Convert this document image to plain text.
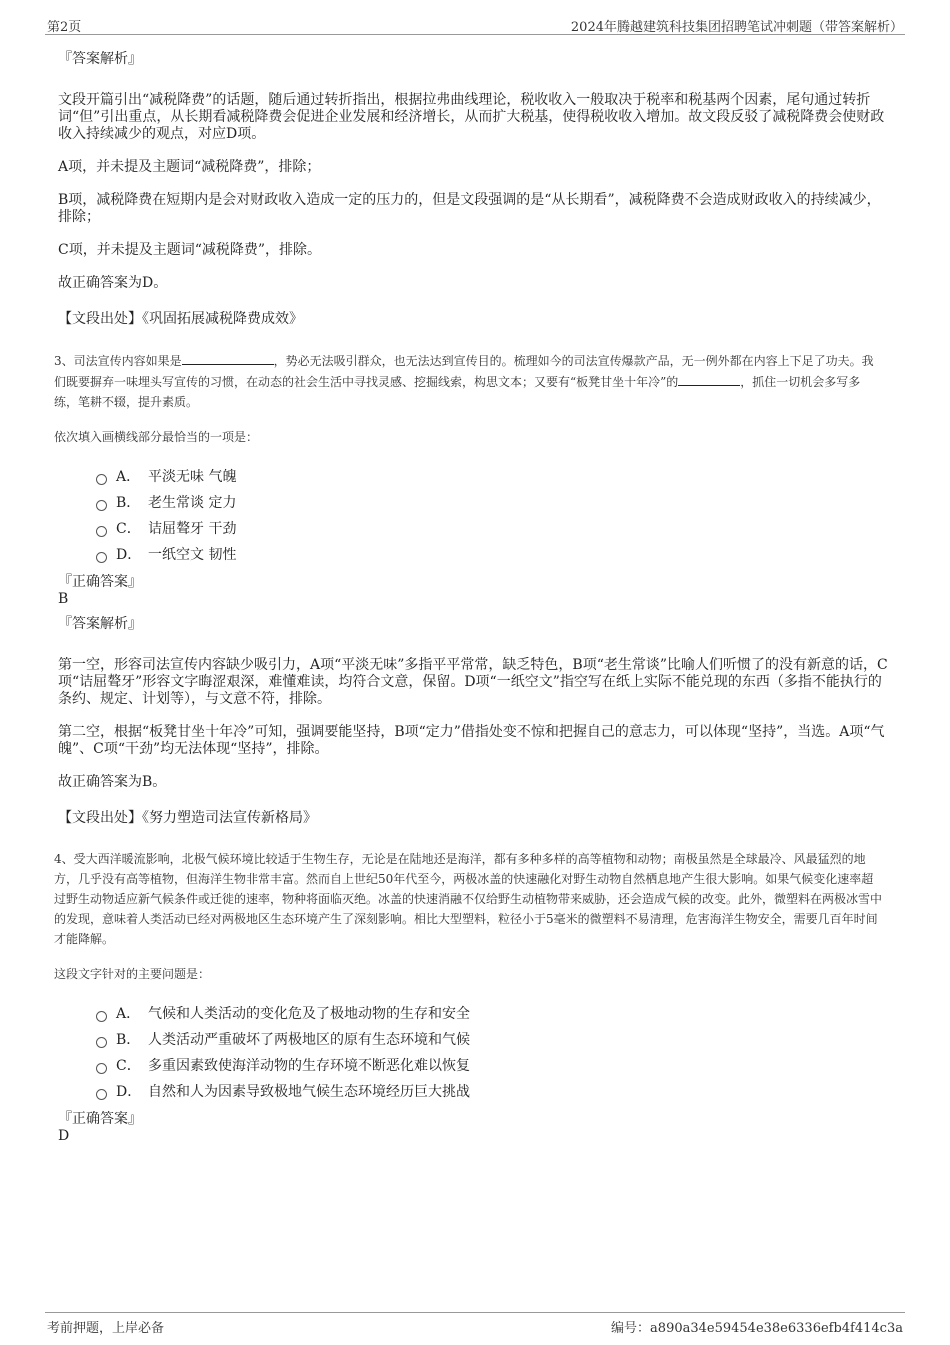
第2页	2024年腾越建筑科技集团招聘笔试冲刺题（带答案解析）

『答案解析』

文段开篇引出“减税降费”的话题，随后通过转折指出，根据拉弗曲线理论，税收收入一般取决于税率和税基两个因素，尾句通过转折词“但”引出重点，从长期看减税降费会促进企业发展和经济增长，从而扩大税基，使得税收收入增加。故文段反驳了减税降费会使财政收入持续减少的观点，对应D项。

A项，并未提及主题词“减税降费”，排除；

B项，减税降费在短期内是会对财政收入造成一定的压力的，但是文段强调的是“从长期看”，减税降费不会造成财政收入的持续减少，排除；

C项，并未提及主题词“减税降费”，排除。

故正确答案为D。

【文段出处】《巩固拓展减税降费成效》

3、司法宣传内容如果是	，势必无法吸引群众，也无法达到宣传目的。梳理如今的司法宣传爆款产品，无一例外都在内容上下足了功夫。我们既要摒弃一味埋头写宣传的习惯，在动态的社会生活中寻找灵感、挖掘线索，构思文本；又要有“板凳甘坐十年冷”的	，抓住一切机会多写多练，笔耕不辍，提升素质。

依次填入画横线部分最恰当的一项是：

A． 平淡无味 气魄
B． 老生常谈 定力
C． 诘屈聱牙 干劲
D． 一纸空文 韧性

『正确答案』

B

『答案解析』

第一空，形容司法宣传内容缺少吸引力，A项“平淡无味”多指平平常常，缺乏特色，B项“老生常谈”比喻人们听惯了的没有新意的话，C项“诘屈聱牙”形容文字晦涩艰深，难懂难读，均符合文意，保留。D项“一纸空文”指空写在纸上实际不能兑现的东西（多指不能执行的条约、规定、计划等），与文意不符，排除。

第二空，根据“板凳甘坐十年冷”可知，强调要能坚持，B项“定力”借指处变不惊和把握自己的意志力，可以体现“坚持”，当选。A项“气魄”、C项“干劲”均无法体现“坚持”，排除。

故正确答案为B。

【文段出处】《努力塑造司法宣传新格局》

4、受大西洋暖流影响，北极气候环境比较适于生物生存，无论是在陆地还是海洋，都有多种多样的高等植物和动物；南极虽然是全球最冷、风最猛烈的地方，几乎没有高等植物，但海洋生物非常丰富。然而自上世纪50年代至今，两极冰盖的快速融化对野生动物自然栖息地产生很大影响。如果气候变化速率超过野生动物适应新气候条件或迁徙的速率，物种将面临灭绝。冰盖的快速消融不仅给野生动植物带来威胁，还会造成气候的改变。此外，微塑料在两极冰雪中的发现，意味着人类活动已经对两极地区生态环境产生了深刻影响。相比大型塑料，粒径小于5毫米的微塑料不易清理，危害海洋生物安全，需要几百年时间才能降解。

这段文字针对的主要问题是：

A． 气候和人类活动的变化危及了极地动物的生存和安全
B． 人类活动严重破坏了两极地区的原有生态环境和气候
C． 多重因素致使海洋动物的生存环境不断恶化难以恢复
D． 自然和人为因素导致极地气候生态环境经历巨大挑战

『正确答案』

D

考前押题，上岸必备	编号：a890a34e59454e38e6336efb4f414c3a
